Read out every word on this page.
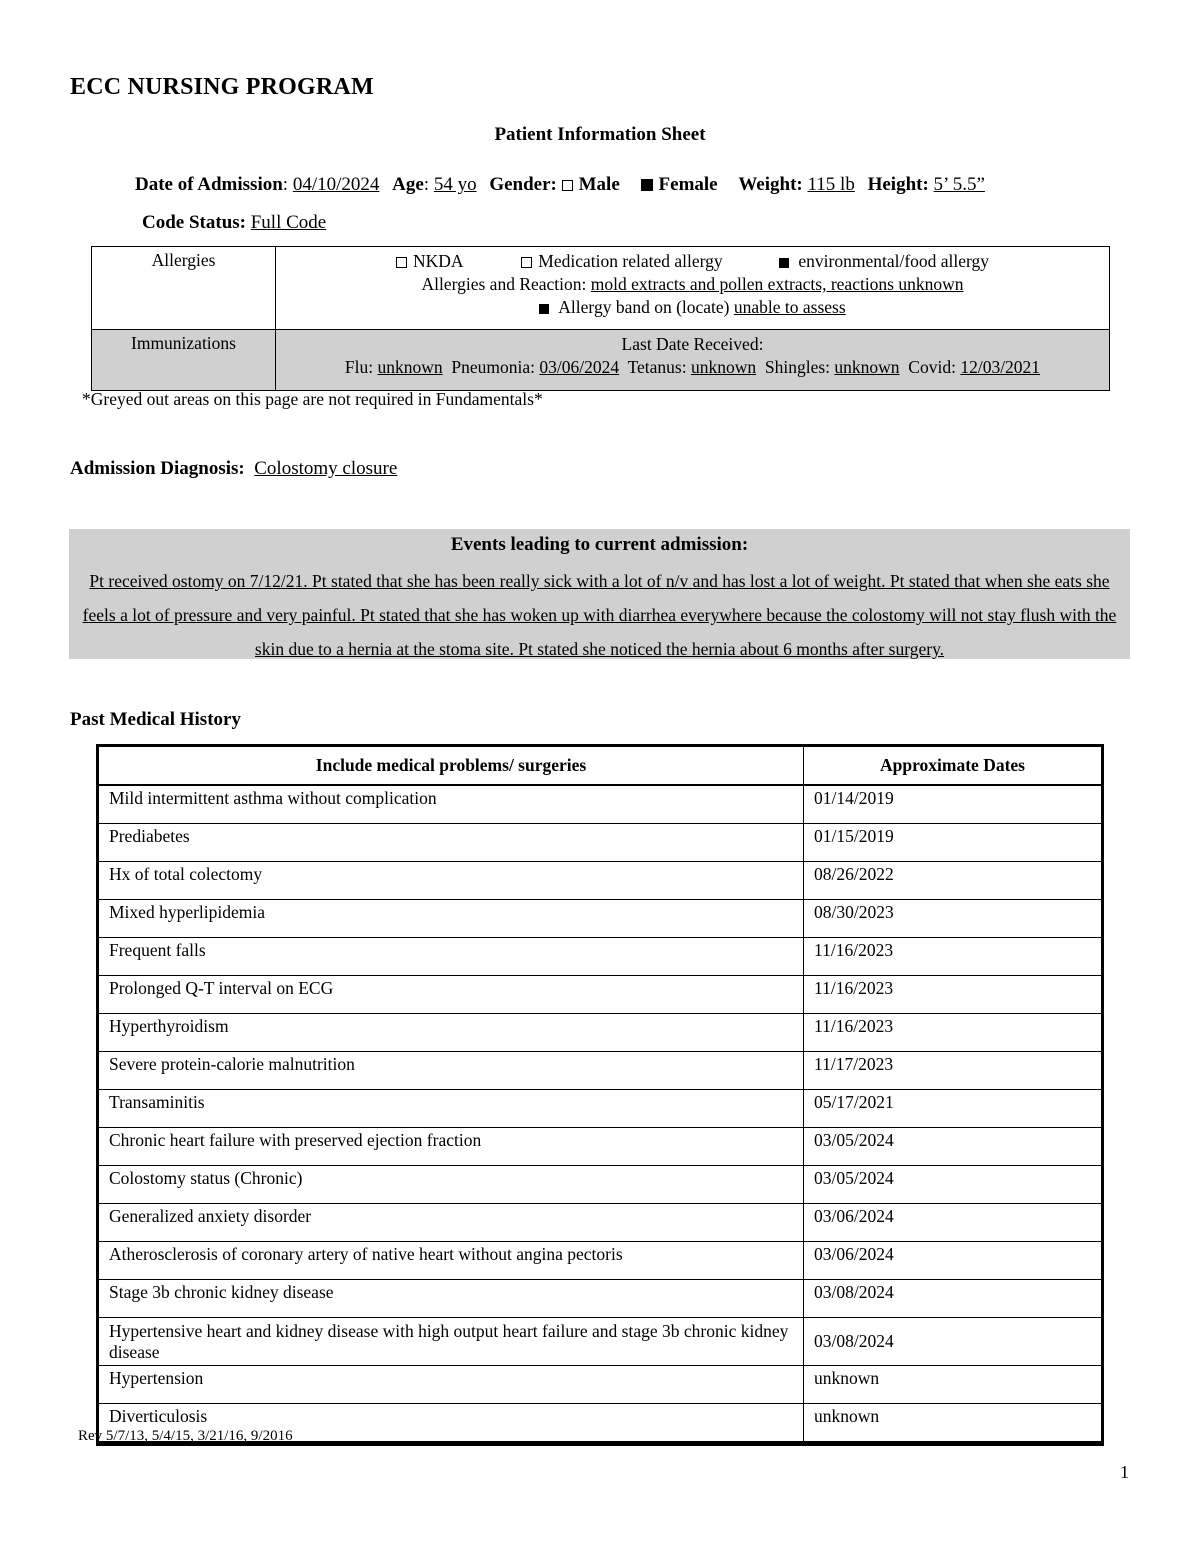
ECC NURSING PROGRAM
Patient Information Sheet
Date of Admission: 04/10/2024 Age: 54 yo Gender: Male Female Weight: 115 lb Height: 5’ 5.5”
Code Status: Full Code
Allergies	NKDA Medication related allergy environmental/food allergy
Allergies and Reaction: mold extracts and pollen extracts, reactions unknown
Allergy band on (locate) unable to assess

Immunizations	Last Date Received:
Flu: unknown Pneumonia: 03/06/2024 Tetanus: unknown Shingles: unknown Covid: 12/03/2021
*Greyed out areas on this page are not required in Fundamentals*
Admission Diagnosis: Colostomy closure
Events leading to current admission:
Pt received ostomy on 7/12/21. Pt stated that she has been really sick with a lot of n/v and has lost a lot of weight. Pt stated that when she eats she feels a lot of pressure and very painful. Pt stated that she has woken up with diarrhea everywhere because the colostomy will not stay flush with the skin due to a hernia at the stoma site. Pt stated she noticed the hernia about 6 months after surgery.
Past Medical History
Include medical problems/ surgeries	Approximate Dates
Mild intermittent asthma without complication	01/14/2019
Prediabetes	01/15/2019
Hx of total colectomy	08/26/2022
Mixed hyperlipidemia	08/30/2023
Frequent falls	11/16/2023
Prolonged Q-T interval on ECG	11/16/2023
Hyperthyroidism	11/16/2023
Severe protein-calorie malnutrition	11/17/2023
Transaminitis	05/17/2021
Chronic heart failure with preserved ejection fraction	03/05/2024
Colostomy status (Chronic)	03/05/2024
Generalized anxiety disorder	03/06/2024
Atherosclerosis of coronary artery of native heart without angina pectoris	03/06/2024
Stage 3b chronic kidney disease	03/08/2024
Hypertensive heart and kidney disease with high output heart failure and stage 3b chronic kidney disease	03/08/2024
Hypertension	unknown
Diverticulosis	unknown
Rev 5/7/13, 5/4/15, 3/21/16, 9/2016
1
